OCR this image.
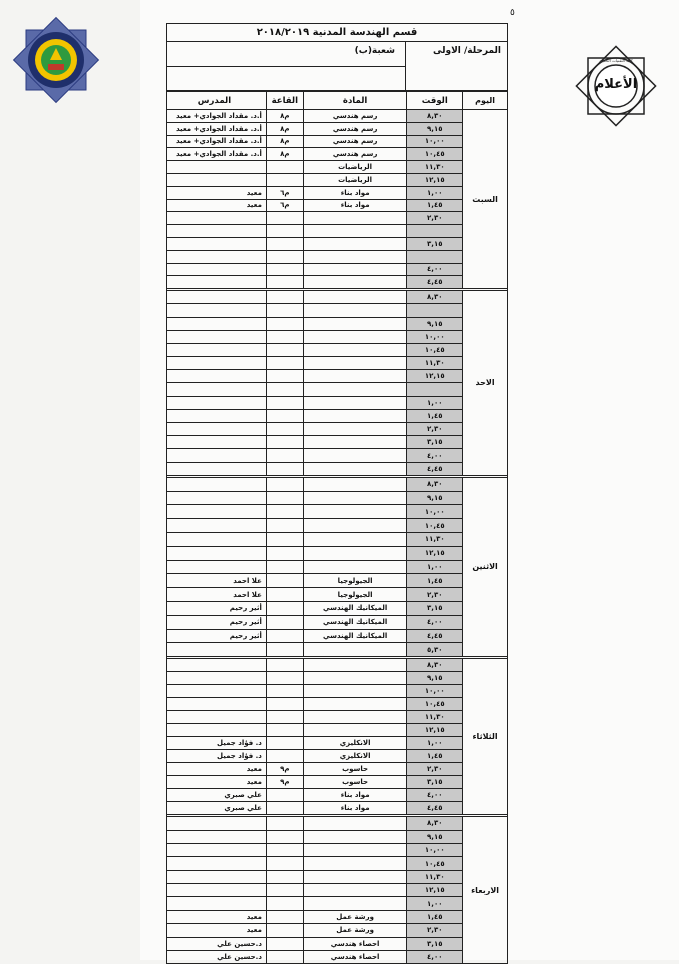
٥
الأعلام
كلية التقنيات الحديثة
قسم الهندسة المدنية ٢٠١٨/٢٠١٩
المرحلة/ الاولى
شعبة(ب)
المدرس	القاعة	المادة	الوقت	اليوم
أ.د. مقداد الجوادي+ معيد	م٨	رسم هندسي	٨,٣٠	السبت
أ.د. مقداد الجوادي+ معيد	م٨	رسم هندسي	٩,١٥	
أ.د. مقداد الجوادي+ معيد	م٨	رسم هندسي	١٠,٠٠	
أ.د. مقداد الجوادي+ معيد	م٨	رسم هندسي	١٠,٤٥	
		الرياضيات	١١,٣٠	
		الرياضيات	١٢,١٥	
معيد	م٦	مواد بناء	١,٠٠	
معيد	م٦	مواد بناء	١,٤٥	
			٢,٣٠	

			٣,١٥	

			٤,٠٠	
			٤,٤٥	

			٨,٣٠	الاحد

			٩,١٥	
			١٠,٠٠	
			١٠,٤٥	
			١١,٣٠	
			١٢,١٥	

			١,٠٠	
			١,٤٥	
			٢,٣٠	
			٣,١٥	
			٤,٠٠	
			٤,٤٥	

			٨,٣٠	الاثنين
			٩,١٥	
			١٠,٠٠	
			١٠,٤٥	
			١١,٣٠	
			١٢,١٥	
			١,٠٠	
علا احمد		الجيولوجيا	١,٤٥	
علا احمد		الجيولوجيا	٢,٣٠	
أثير رحيم		الميكانيك الهندسي	٣,١٥	
أثير رحيم		الميكانيك الهندسي	٤,٠٠	
أثير رحيم		الميكانيك الهندسي	٤,٤٥	
			٥,٣٠	

			٨,٣٠	الثلاثاء
			٩,١٥	
			١٠,٠٠	
			١٠,٤٥	
			١١,٣٠	
			١٢,١٥	
د. فؤاد جميل		الانكليزي	١,٠٠	
د. فؤاد جميل		الانكليزي	١,٤٥	
معيد	م٩	حاسوب	٢,٣٠	
معيد	م٩	حاسوب	٣,١٥	
علي صبري		مواد بناء	٤,٠٠	
علي صبري		مواد بناء	٤,٤٥	

			٨,٣٠	الاربعاء
			٩,١٥	
			١٠,٠٠	
			١٠,٤٥	
			١١,٣٠	
			١٢,١٥	
			١,٠٠	
معيد		ورشة عمل	١,٤٥	
معيد		ورشة عمل	٢,٣٠	
د.حسين علي		احصاء هندسي	٣,١٥	
د.حسين علي		احصاء هندسي	٤,٠٠	
